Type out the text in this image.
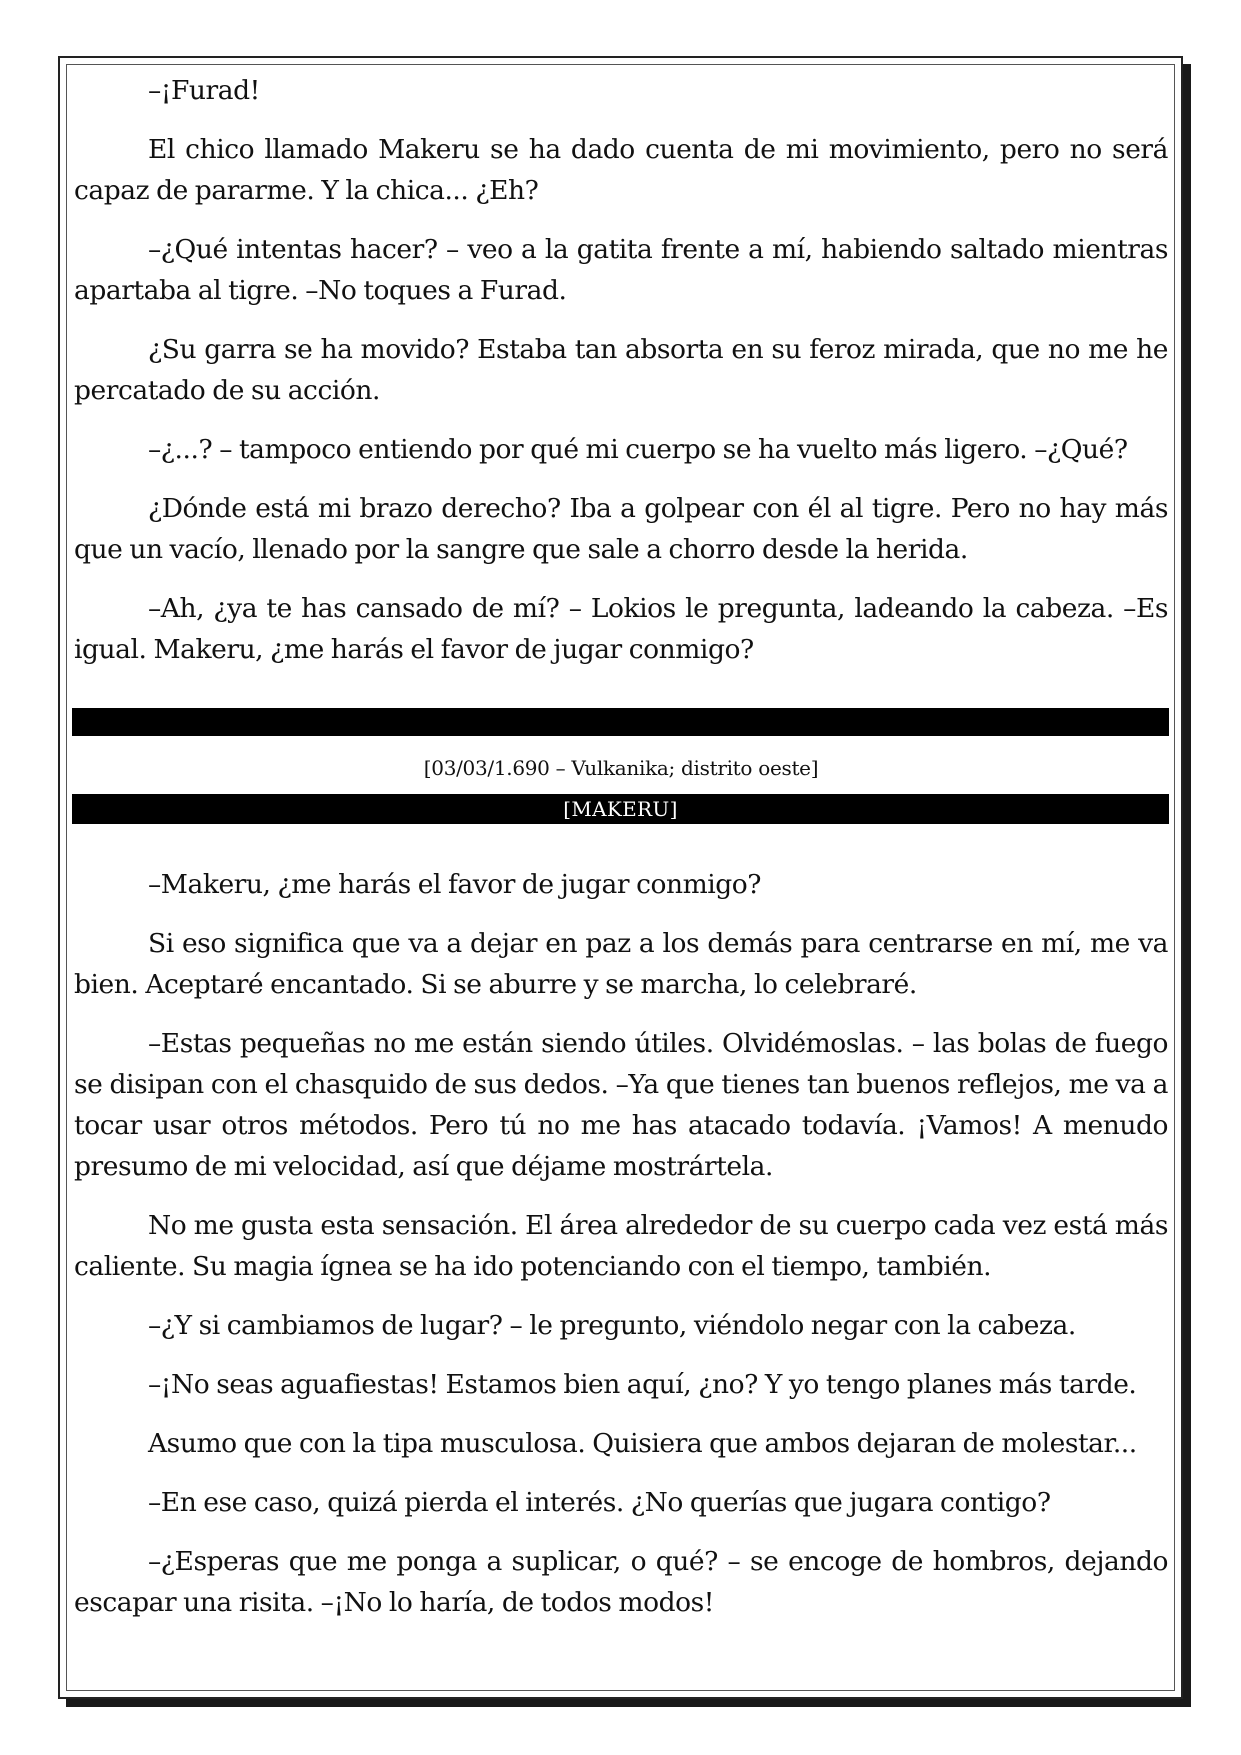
–¡Furad!

El chico llamado Makeru se ha dado cuenta de mi movimiento, pero no será capaz de pararme. Y la chica... ¿Eh?

–¿Qué intentas hacer? – veo a la gatita frente a mí, habiendo saltado mientras apartaba al tigre. –No toques a Furad.

¿Su garra se ha movido? Estaba tan absorta en su feroz mirada, que no me he percatado de su acción.

–¿...? – tampoco entiendo por qué mi cuerpo se ha vuelto más ligero. –¿Qué?

¿Dónde está mi brazo derecho? Iba a golpear con él al tigre. Pero no hay más que un vacío, llenado por la sangre que sale a chorro desde la herida.

–Ah, ¿ya te has cansado de mí? – Lokios le pregunta, ladeando la cabeza. –Es igual. Makeru, ¿me harás el favor de jugar conmigo?

[03/03/1.690 – Vulkanika; distrito oeste]
[MAKERU]

–Makeru, ¿me harás el favor de jugar conmigo?

Si eso significa que va a dejar en paz a los demás para centrarse en mí, me va bien. Aceptaré encantado. Si se aburre y se marcha, lo celebraré.

–Estas pequeñas no me están siendo útiles. Olvidémoslas. – las bolas de fuego se disipan con el chasquido de sus dedos. –Ya que tienes tan buenos reflejos, me va a tocar usar otros métodos. Pero tú no me has atacado todavía. ¡Vamos! A menudo presumo de mi velocidad, así que déjame mostrártela.

No me gusta esta sensación. El área alrededor de su cuerpo cada vez está más caliente. Su magia ígnea se ha ido potenciando con el tiempo, también.

–¿Y si cambiamos de lugar? – le pregunto, viéndolo negar con la cabeza.

–¡No seas aguafiestas! Estamos bien aquí, ¿no? Y yo tengo planes más tarde.

Asumo que con la tipa musculosa. Quisiera que ambos dejaran de molestar...

–En ese caso, quizá pierda el interés. ¿No querías que jugara contigo?

–¿Esperas que me ponga a suplicar, o qué? – se encoge de hombros, dejando escapar una risita. –¡No lo haría, de todos modos!
